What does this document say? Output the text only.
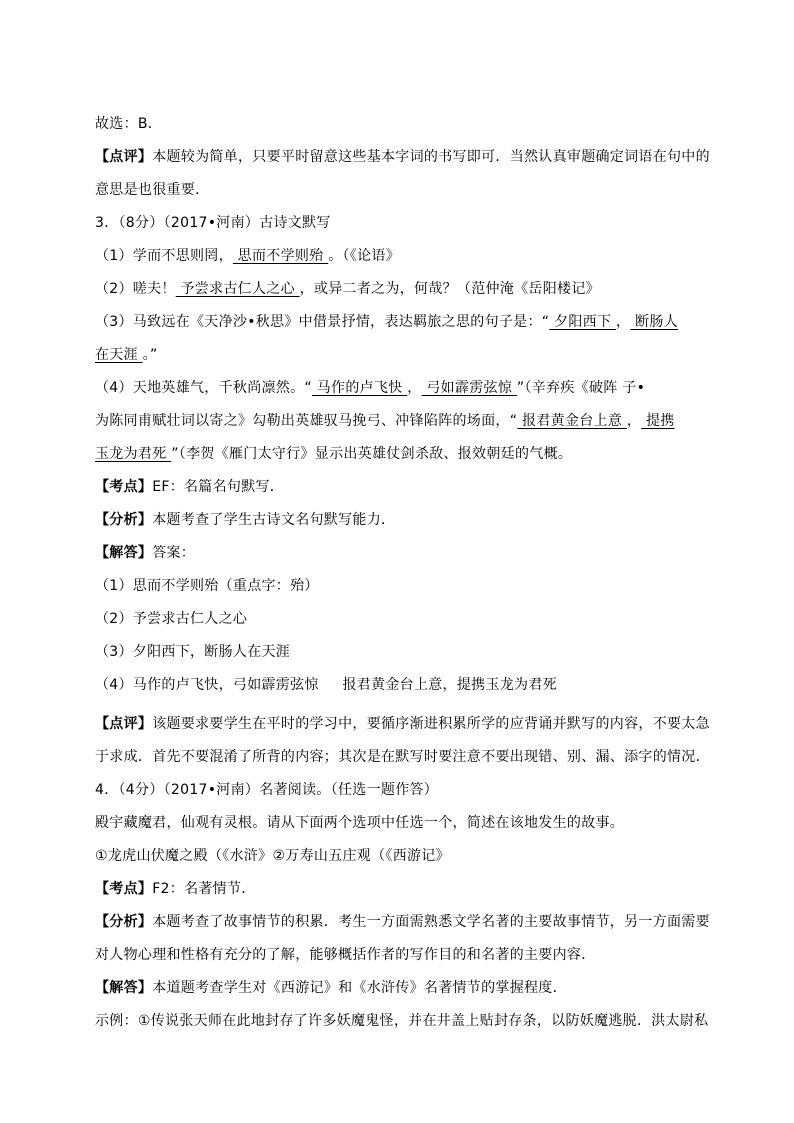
故选：B．
【点评】本题较为简单，只要平时留意这些基本字词的书写即可．当然认真审题确定词语在句中的
意思是也很重要．
3．（8分）（2017•河南）古诗文默写
（1）学而不思则罔， 思而不学则殆 。（《论语》
（2）嗟夫！ 予尝求古仁人之心 ，或异二者之为，何哉？（范仲淹《岳阳楼记》
（3）马致远在《天净沙•秋思》中借景抒情，表达羁旅之思的句子是：“ 夕阳西下 ， 断肠人
在天涯 。”
（4）天地英雄气，千秋尚凛然。“ 马作的卢飞快 ， 弓如霹雳弦惊 ”（辛弃疾《破阵 子•
为陈同甫赋壮词以寄之》勾勒出英雄驭马挽弓、冲锋陷阵的场面，“ 报君黄金台上意 ， 提携
玉龙为君死 ”（李贺《雁门太守行》显示出英雄仗剑杀敌、报效朝廷的气概。
【考点】EF：名篇名句默写．
【分析】本题考查了学生古诗文名句默写能力．
【解答】答案：
（1）思而不学则殆（重点字：殆）
（2）予尝求古仁人之心
（3）夕阳西下，断肠人在天涯
（4）马作的卢飞快，弓如霹雳弦惊     报君黄金台上意，提携玉龙为君死
【点评】该题要求要学生在平时的学习中，要循序渐进积累所学的应背诵并默写的内容，不要太急
于求成．首先不要混淆了所背的内容；其次是在默写时要注意不要出现错、别、漏、添字的情况．
4．（4分）（2017•河南）名著阅读。（任选一题作答）
殿宇藏魔君，仙观有灵根。请从下面两个选项中任选一个，简述在该地发生的故事。
①龙虎山伏魔之殿（《水浒》②万寿山五庄观（《西游记》
【考点】F2：名著情节．
【分析】本题考查了故事情节的积累．考生一方面需熟悉文学名著的主要故事情节，另一方面需要
对人物心理和性格有充分的了解，能够概括作者的写作目的和名著的主要内容．
【解答】本道题考查学生对《西游记》和《水浒传》名著情节的掌握程度．
示例：①传说张天师在此地封存了许多妖魔鬼怪，并在井盖上贴封存条，以防妖魔逃脱．洪太尉私
